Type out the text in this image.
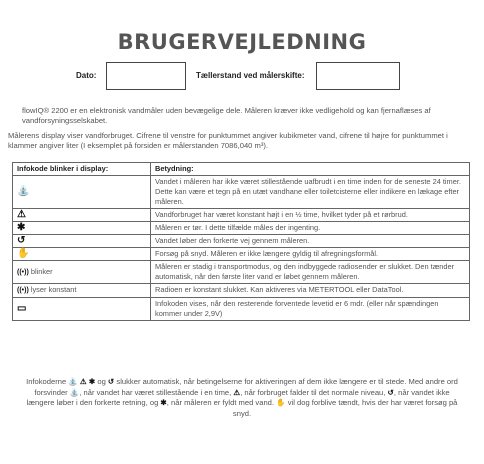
BRUGERVEJLEDNING
Dato:	Tællerstand ved målerskifte:
flowIQ® 2200 er en elektronisk vandmåler uden bevægelige dele. Måleren kræver ikke vedligehold og kan fjernaflæses af vandforsyningsselskabet.
Målerens display viser vandforbruget. Cifrene til venstre for punktummet angiver kubikmeter vand, cifrene til højre for punktummet i klammer angiver liter (I eksemplet på forsiden er målerstanden 7086,040 m³).
Infokode blinker i display:	Betydning:
⛲	Vandet i måleren har ikke været stillestående uafbrudt i en time inden for de seneste 24 timer. Dette kan være et tegn på en utæt vandhane eller toiletcisterne eller indikere en lækage efter måleren.
⚠	Vandforbruget har været konstant højt i en ½ time, hvilket tyder på et rørbrud.
✱	Måleren er tør. I dette tilfælde måles der ingenting.
↺	Vandet løber den forkerte vej gennem måleren.
✋	Forsøg på snyd. Måleren er ikke længere gyldig til afregningsformål.
((•)) blinker	Måleren er stadig i transportmodus, og den indbyggede radiosender er slukket. Den tænder automatisk, når den første liter vand er løbet gennem måleren.
((•)) lyser konstant	Radioen er konstant slukket. Kan aktiveres via METERTOOL eller DataTool.
▭	Infokoden vises, når den resterende forventede levetid er 6 mdr. (eller når spændingen kommer under 2,9V)
Infokoderne ⛲ ⚠ ✱ og ↺ slukker automatisk, når betingelserne for aktiveringen af dem ikke længere er til stede. Med andre ord forsvinder ⛲, når vandet har været stillestående i en time, ⚠, når forbruget falder til det normale niveau, ↺, når vandet ikke længere løber i den forkerte retning, og ✱, når måleren er fyldt med vand. ✋ vil dog forblive tændt, hvis der har været forsøg på snyd.
